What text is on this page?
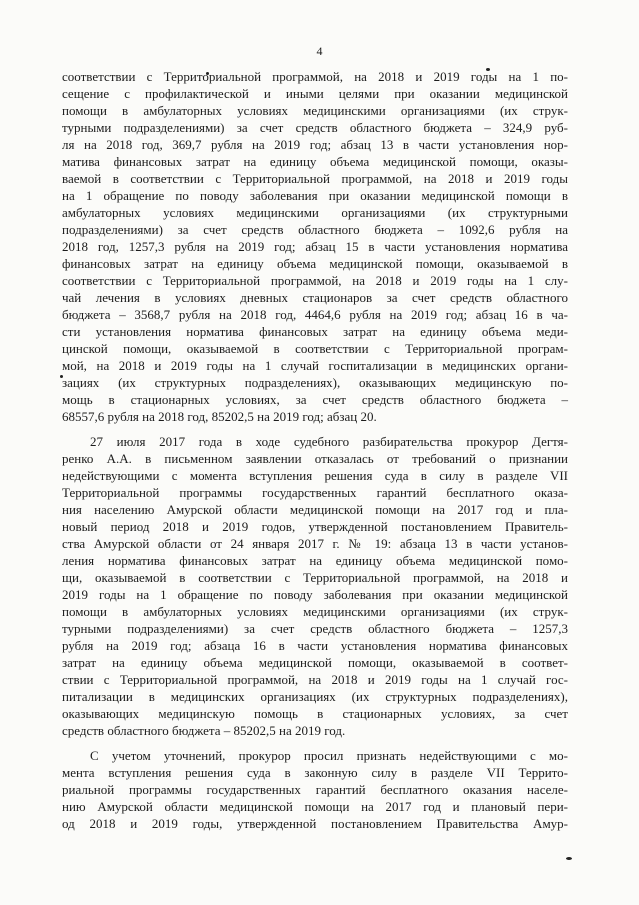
4
соответствии с Территориальной программой, на 2018 и 2019 годы на 1 по-
сещение с профилактической и иными целями при оказании медицинской
помощи в амбулаторных условиях медицинскими организациями (их струк-
турными подразделениями) за счет средств областного бюджета – 324,9 руб-
ля на 2018 год, 369,7 рубля на 2019 год; абзац 13 в части установления нор-
матива финансовых затрат на единицу объема медицинской помощи, оказы-
ваемой в соответствии с Территориальной программой, на 2018 и 2019 годы
на 1 обращение по поводу заболевания при оказании медицинской помощи в
амбулаторных условиях медицинскими организациями (их структурными
подразделениями) за счет средств областного бюджета – 1092,6 рубля на
2018 год, 1257,3 рубля на 2019 год; абзац 15 в части установления норматива
финансовых затрат на единицу объема медицинской помощи, оказываемой в
соответствии с Территориальной программой, на 2018 и 2019 годы на 1 слу-
чай лечения в условиях дневных стационаров за счет средств областного
бюджета – 3568,7 рубля на 2018 год, 4464,6 рубля на 2019 год; абзац 16 в ча-
сти установления норматива финансовых затрат на единицу объема меди-
цинской помощи, оказываемой в соответствии с Территориальной програм-
мой, на 2018 и 2019 годы на 1 случай госпитализации в медицинских органи-
зациях (их структурных подразделениях), оказывающих медицинскую по-
мощь в стационарных условиях, за счет средств областного бюджета –
68557,6 рубля на 2018 год, 85202,5 на 2019 год; абзац 20.
27 июля 2017 года в ходе судебного разбирательства прокурор Дегтя-
ренко А.А. в письменном заявлении отказалась от требований о признании
недействующими с момента вступления решения суда в силу в разделе VII
Территориальной программы государственных гарантий бесплатного оказа-
ния населению Амурской области медицинской помощи на 2017 год и пла-
новый период 2018 и 2019 годов, утвержденной постановлением Правитель-
ства Амурской области от 24 января 2017 г. № 19: абзаца 13 в части установ-
ления норматива финансовых затрат на единицу объема медицинской помо-
щи, оказываемой в соответствии с Территориальной программой, на 2018 и
2019 годы на 1 обращение по поводу заболевания при оказании медицинской
помощи в амбулаторных условиях медицинскими организациями (их струк-
турными подразделениями) за счет средств областного бюджета – 1257,3
рубля на 2019 год; абзаца 16 в части установления норматива финансовых
затрат на единицу объема медицинской помощи, оказываемой в соответ-
ствии с Территориальной программой, на 2018 и 2019 годы на 1 случай гос-
питализации в медицинских организациях (их структурных подразделениях),
оказывающих медицинскую помощь в стационарных условиях, за счет
средств областного бюджета – 85202,5 на 2019 год.
С учетом уточнений, прокурор просил признать недействующими с мо-
мента вступления решения суда в законную силу в разделе VII Террито-
риальной программы государственных гарантий бесплатного оказания населе-
нию Амурской области медицинской помощи на 2017 год и плановый пери-
од 2018 и 2019 годы, утвержденной постановлением Правительства Амур-
